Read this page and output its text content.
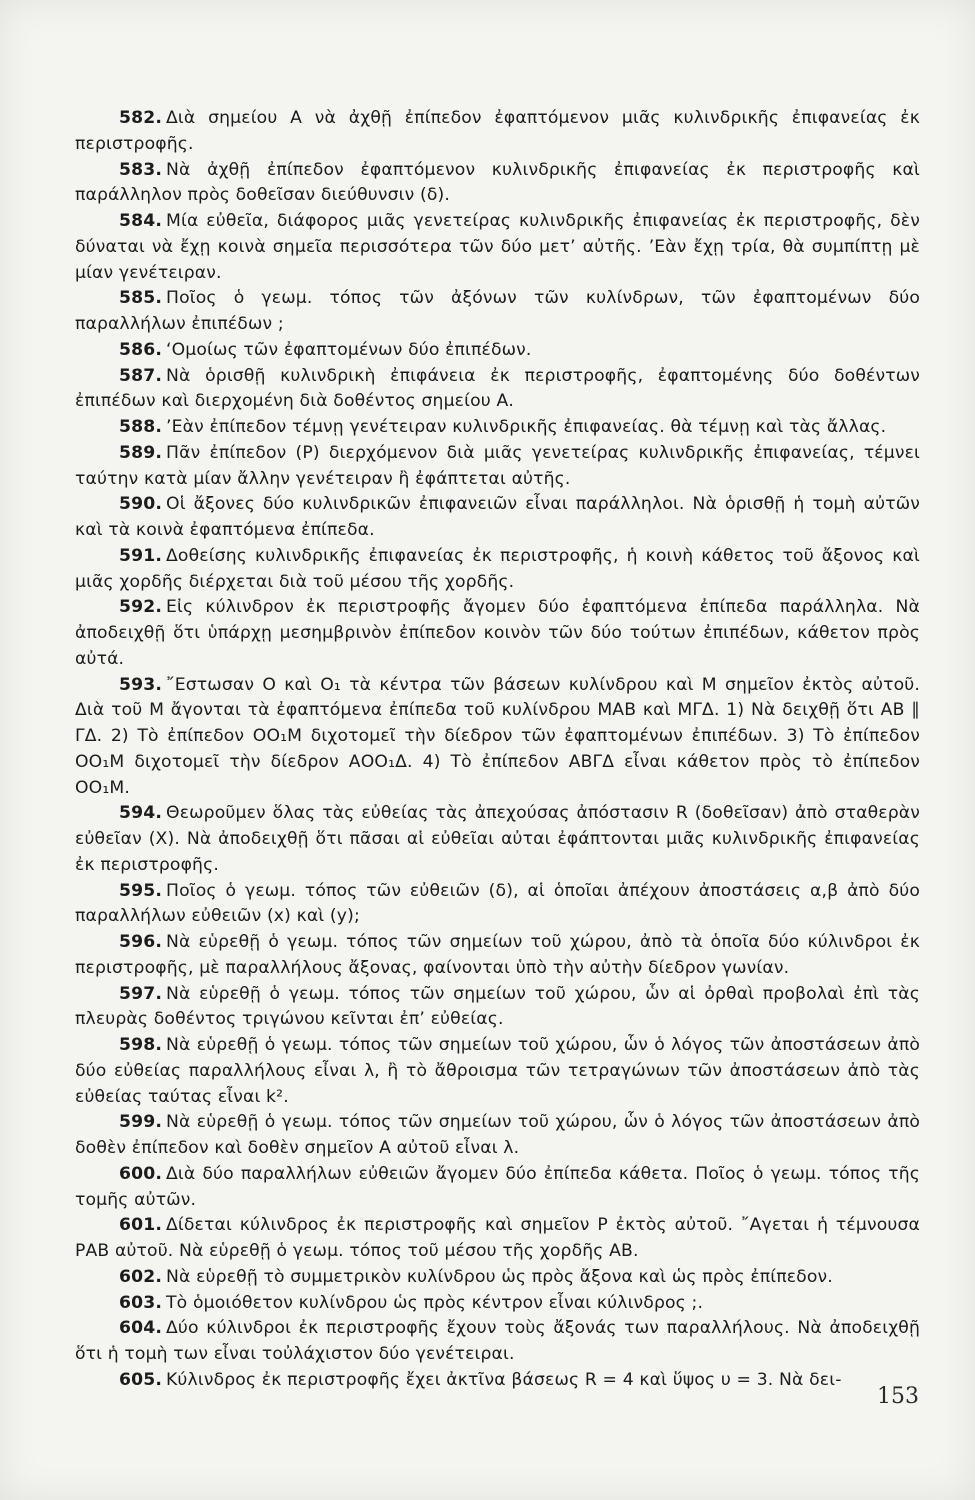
582. Διὰ σημείου Α νὰ ἀχθῇ ἐπίπεδον ἐφαπτόμενον μιᾶς κυλινδρικῆς ἐπιφανείας ἐκ περιστροφῆς.

583. Νὰ ἀχθῇ ἐπίπεδον ἐφαπτόμενον κυλινδρικῆς ἐπιφανείας ἐκ περιστροφῆς καὶ παράλληλον πρὸς δοθεῖσαν διεύθυνσιν (δ).

584. Μία εὐθεῖα, διάφορος μιᾶς γενετείρας κυλινδρικῆς ἐπιφανείας ἐκ περιστροφῆς, δὲν δύναται νὰ ἔχῃ κοινὰ σημεῖα περισσότερα τῶν δύο μετ’ αὐτῆς. ’Εὰν ἔχῃ τρία, θὰ συμπίπτῃ μὲ μίαν γενέτειραν.

585. Ποῖος ὁ γεωμ. τόπος τῶν ἀξόνων τῶν κυλίνδρων, τῶν ἐφαπτομένων δύο παραλλήλων ἐπιπέδων ;

586. ‘Ομοίως τῶν ἐφαπτομένων δύο ἐπιπέδων.

587. Νὰ ὁρισθῇ κυλινδρικὴ ἐπιφάνεια ἐκ περιστροφῆς, ἐφαπτομένης δύο δοθέντων ἐπιπέδων καὶ διερχομένη διὰ δοθέντος σημείου Α.

588. ’Εὰν ἐπίπεδον τέμνῃ γενέτειραν κυλινδρικῆς ἐπιφανείας. θὰ τέμνῃ καὶ τὰς ἄλλας.

589. Πᾶν ἐπίπεδον (Ρ) διερχόμενον διὰ μιᾶς γενετείρας κυλινδρικῆς ἐπιφανείας, τέμνει ταύτην κατὰ μίαν ἄλλην γενέτειραν ἢ ἐφάπτεται αὐτῆς.

590. Οἱ ἄξονες δύο κυλινδρικῶν ἐπιφανειῶν εἶναι παράλληλοι. Νὰ ὁρισθῇ ἡ τομὴ αὐτῶν καὶ τὰ κοινὰ ἐφαπτόμενα ἐπίπεδα.

591. Δοθείσης κυλινδρικῆς ἐπιφανείας ἐκ περιστροφῆς, ἡ κοινὴ κάθετος τοῦ ἄξονος καὶ μιᾶς χορδῆς διέρχεται διὰ τοῦ μέσου τῆς χορδῆς.

592. Εἰς κύλινδρον ἐκ περιστροφῆς ἄγομεν δύο ἐφαπτόμενα ἐπίπεδα παράλληλα. Νὰ ἀποδειχθῇ ὅτι ὑπάρχῃ μεσημβρινὸν ἐπίπεδον κοινὸν τῶν δύο τούτων ἐπιπέδων, κάθετον πρὸς αὐτά.

593. ῎Εστωσαν Ο καὶ Ο₁ τὰ κέντρα τῶν βάσεων κυλίνδρου καὶ Μ σημεῖον ἐκτὸς αὐτοῦ. Διὰ τοῦ Μ ἄγονται τὰ ἐφαπτόμενα ἐπίπεδα τοῦ κυλίνδρου ΜΑΒ καὶ ΜΓΔ. 1) Νὰ δειχθῇ ὅτι ΑΒ ∥ ΓΔ. 2) Τὸ ἐπίπεδον ΟΟ₁Μ διχοτομεῖ τὴν δίεδρον τῶν ἐφαπτομένων ἐπιπέδων. 3) Τὸ ἐπίπεδον ΟΟ₁Μ διχοτομεῖ τὴν δίεδρον ΑΟΟ₁Δ. 4) Τὸ ἐπίπεδον ΑΒΓΔ εἶναι κάθετον πρὸς τὸ ἐπίπεδον ΟΟ₁Μ.

594. Θεωροῦμεν ὅλας τὰς εὐθείας τὰς ἀπεχούσας ἀπόστασιν R (δοθεῖσαν) ἀπὸ σταθερὰν εὐθεῖαν (Χ). Νὰ ἀποδειχθῇ ὅτι πᾶσαι αἱ εὐθεῖαι αὐται ἐφάπτονται μιᾶς κυλινδρικῆς ἐπιφανείας ἐκ περιστροφῆς.

595. Ποῖος ὁ γεωμ. τόπος τῶν εὐθειῶν (δ), αἱ ὁποῖαι ἀπέχουν ἀποστάσεις α,β ἀπὸ δύο παραλλήλων εὐθειῶν (x) καὶ (y);

596. Νὰ εὑρεθῇ ὁ γεωμ. τόπος τῶν σημείων τοῦ χώρου, ἀπὸ τὰ ὁποῖα δύο κύλινδροι ἐκ περιστροφῆς, μὲ παραλλήλους ἄξονας, φαίνονται ὑπὸ τὴν αὐτὴν δίεδρον γωνίαν.

597. Νὰ εὑρεθῇ ὁ γεωμ. τόπος τῶν σημείων τοῦ χώρου, ὧν αἱ ὀρθαὶ προβολαὶ ἐπὶ τὰς πλευρὰς δοθέντος τριγώνου κεῖνται ἐπ’ εὐθείας.

598. Νὰ εὑρεθῇ ὁ γεωμ. τόπος τῶν σημείων τοῦ χώρου, ὧν ὁ λόγος τῶν ἀποστάσεων ἀπὸ δύο εὐθείας παραλλήλους εἶναι λ, ἢ τὸ ἄθροισμα τῶν τετραγώνων τῶν ἀποστάσεων ἀπὸ τὰς εὐθείας ταύτας εἶναι k².

599. Νὰ εὑρεθῇ ὁ γεωμ. τόπος τῶν σημείων τοῦ χώρου, ὧν ὁ λόγος τῶν ἀποστάσεων ἀπὸ δοθὲν ἐπίπεδον καὶ δοθὲν σημεῖον Α αὐτοῦ εἶναι λ.

600. Διὰ δύο παραλλήλων εὐθειῶν ἄγομεν δύο ἐπίπεδα κάθετα. Ποῖος ὁ γεωμ. τόπος τῆς τομῆς αὐτῶν.

601. Δίδεται κύλινδρος ἐκ περιστροφῆς καὶ σημεῖον Ρ ἐκτὸς αὐτοῦ. ῎Αγεται ἡ τέμνουσα ΡΑΒ αὐτοῦ. Νὰ εὑρεθῇ ὁ γεωμ. τόπος τοῦ μέσου τῆς χορδῆς ΑΒ.

602. Νὰ εὑρεθῇ τὸ συμμετρικὸν κυλίνδρου ὡς πρὸς ἄξονα καὶ ὡς πρὸς ἐπίπεδον.

603. Τὸ ὁμοιόθετον κυλίνδρου ὡς πρὸς κέντρον εἶναι κύλινδρος ;.

604. Δύο κύλινδροι ἐκ περιστροφῆς ἔχουν τοὺς ἄξονάς των παραλλήλους. Νὰ ἀποδειχθῇ ὅτι ἡ τομὴ των εἶναι τοὐλάχιστον δύο γενέτειραι.

605. Κύλινδρος ἐκ περιστροφῆς ἔχει ἀκτῖνα βάσεως R = 4 καὶ ὕψος υ = 3. Νὰ δει-

153
